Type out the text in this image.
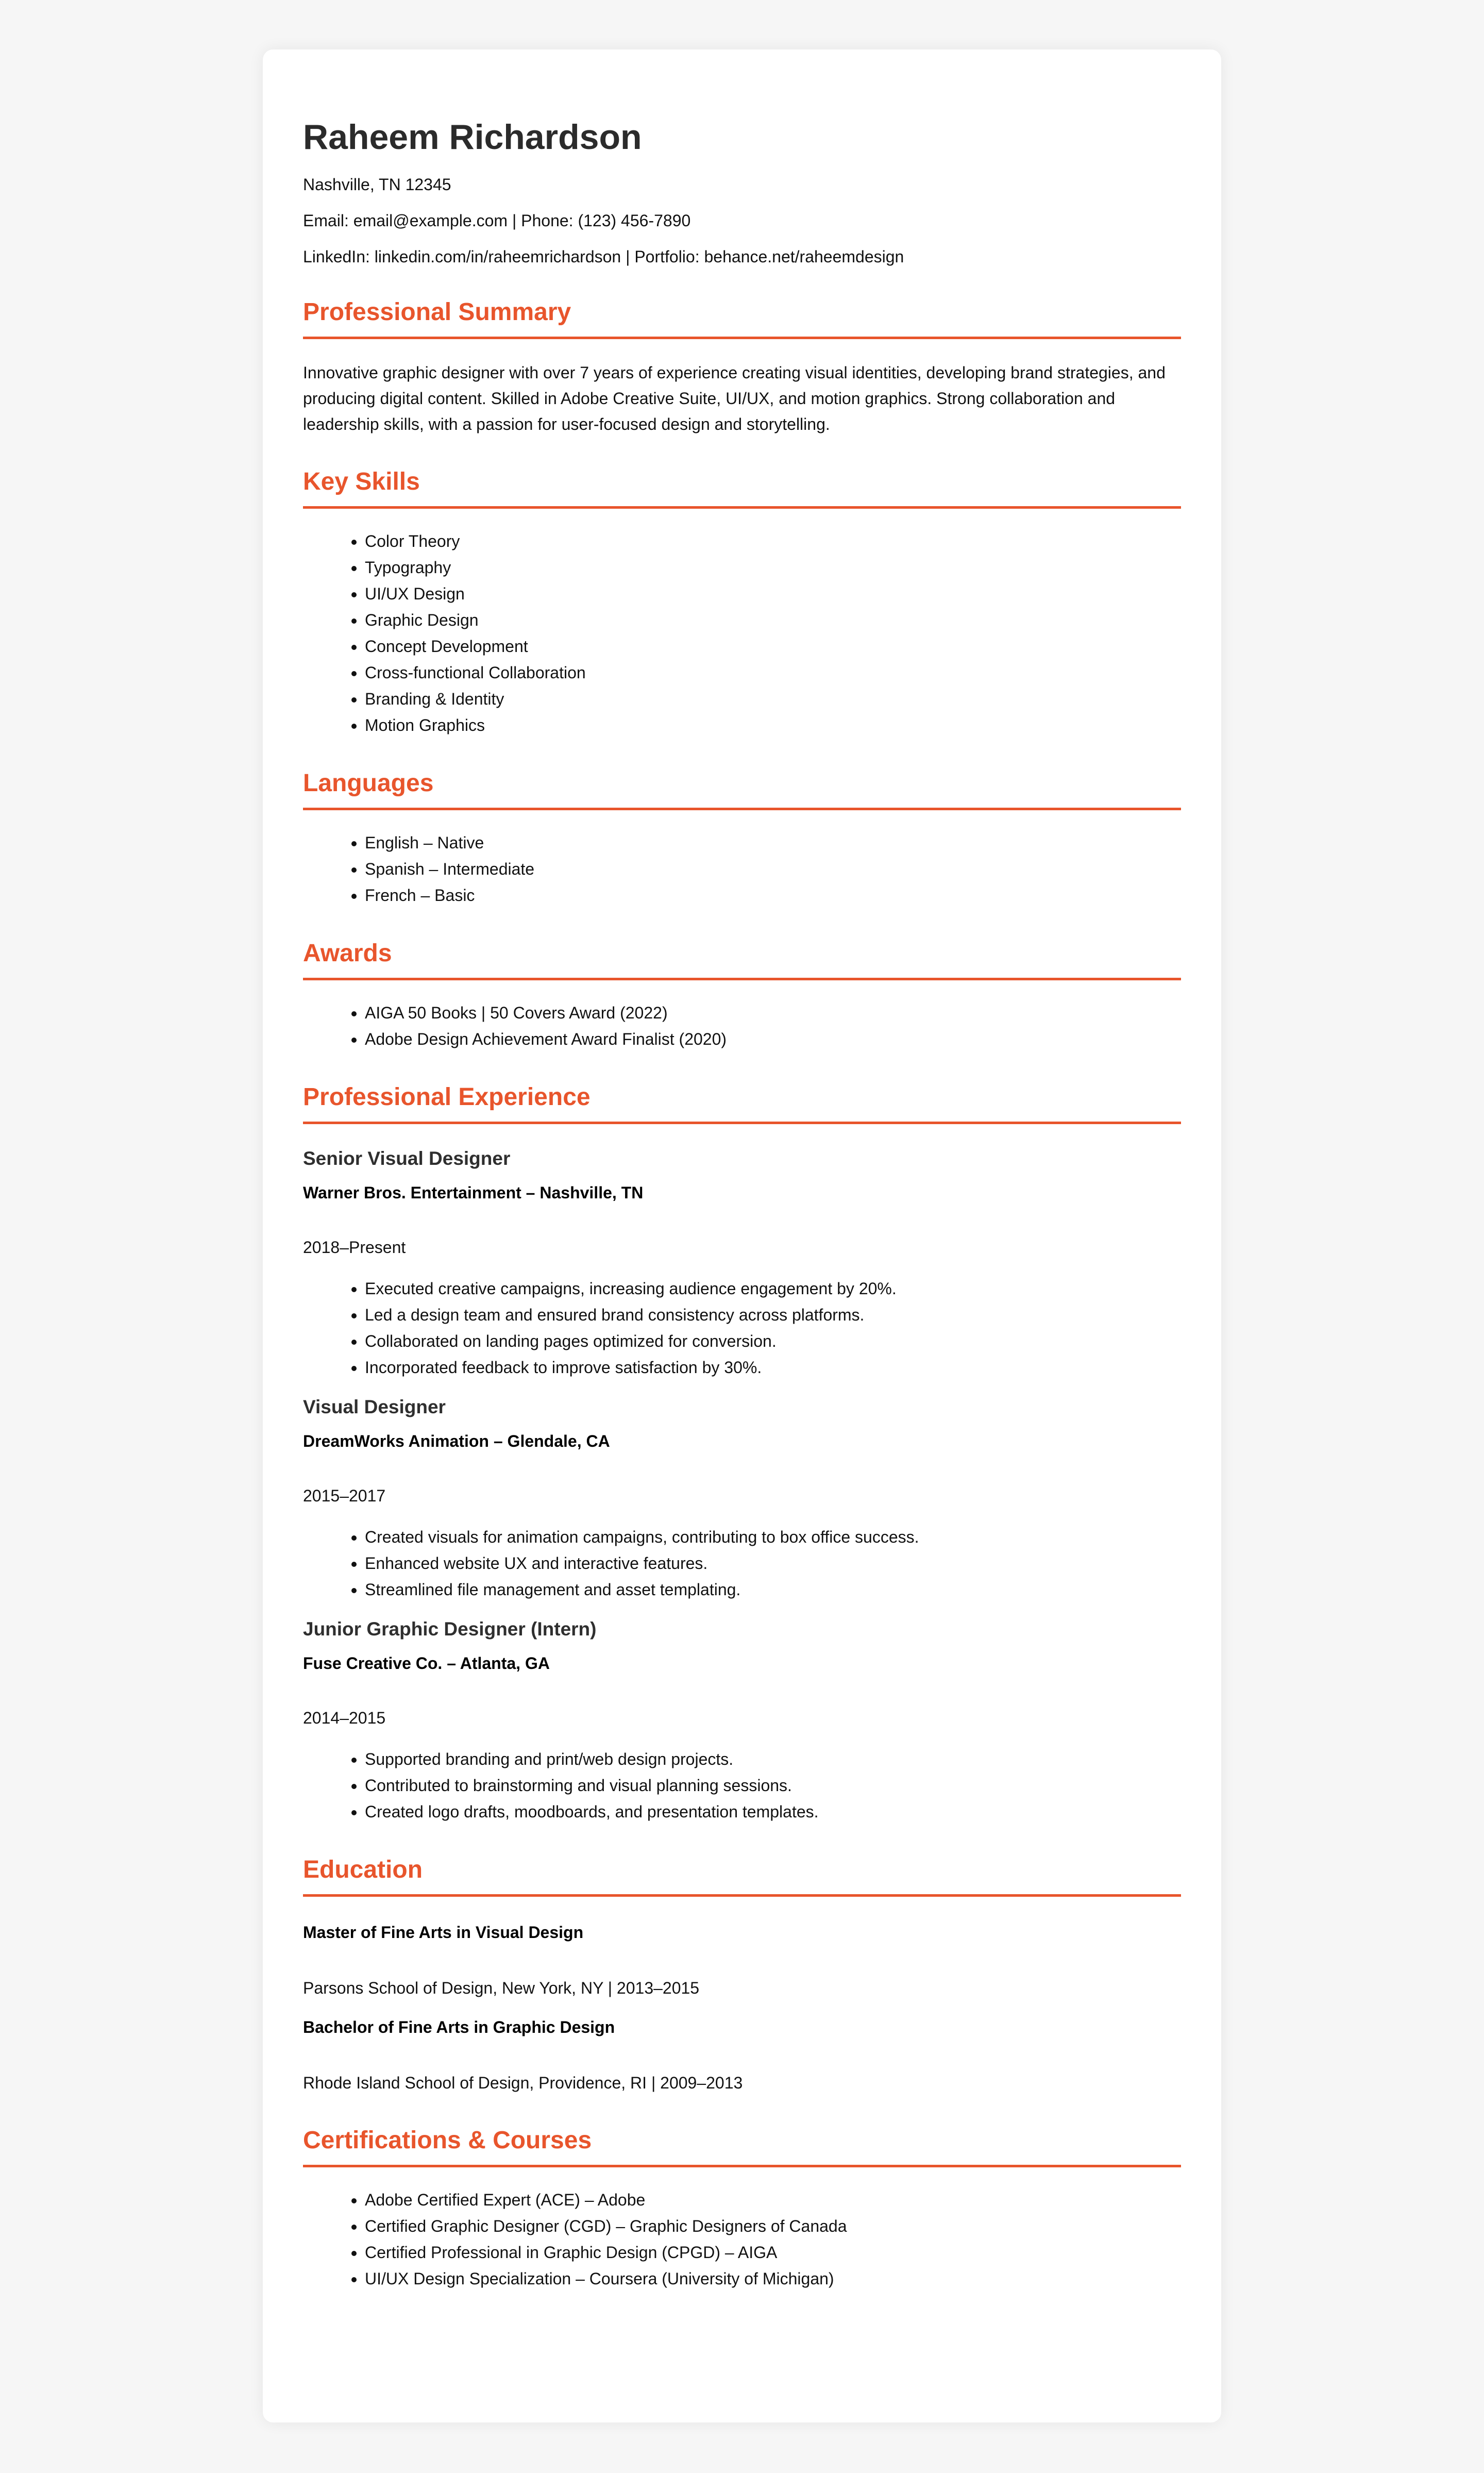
Raheem Richardson

Nashville, TN 12345

Email: email@example.com | Phone: (123) 456-7890

LinkedIn: linkedin.com/in/raheemrichardson | Portfolio: behance.net/raheemdesign

Professional Summary

Innovative graphic designer with over 7 years of experience creating visual identities, developing brand strategies, and producing digital content. Skilled in Adobe Creative Suite, UI/UX, and motion graphics. Strong collaboration and leadership skills, with a passion for user-focused design and storytelling.

Key Skills
• Color Theory
• Typography
• UI/UX Design
• Graphic Design
• Concept Development
• Cross-functional Collaboration
• Branding & Identity
• Motion Graphics
Languages
• English – Native
• Spanish – Intermediate
• French – Basic
Awards
• AIGA 50 Books | 50 Covers Award (2022)
• Adobe Design Achievement Award Finalist (2020)
Professional Experience
Senior Visual Designer
Warner Bros. Entertainment – Nashville, TN
2018–Present
• Executed creative campaigns, increasing audience engagement by 20%.
• Led a design team and ensured brand consistency across platforms.
• Collaborated on landing pages optimized for conversion.
• Incorporated feedback to improve satisfaction by 30%.
Visual Designer
DreamWorks Animation – Glendale, CA
2015–2017
• Created visuals for animation campaigns, contributing to box office success.
• Enhanced website UX and interactive features.
• Streamlined file management and asset templating.
Junior Graphic Designer (Intern)
Fuse Creative Co. – Atlanta, GA
2014–2015
• Supported branding and print/web design projects.
• Contributed to brainstorming and visual planning sessions.
• Created logo drafts, moodboards, and presentation templates.
Education
Master of Fine Arts in Visual Design
Parsons School of Design, New York, NY | 2013–2015
Bachelor of Fine Arts in Graphic Design
Rhode Island School of Design, Providence, RI | 2009–2013
Certifications & Courses
• Adobe Certified Expert (ACE) – Adobe
• Certified Graphic Designer (CGD) – Graphic Designers of Canada
• Certified Professional in Graphic Design (CPGD) – AIGA
• UI/UX Design Specialization – Coursera (University of Michigan)
